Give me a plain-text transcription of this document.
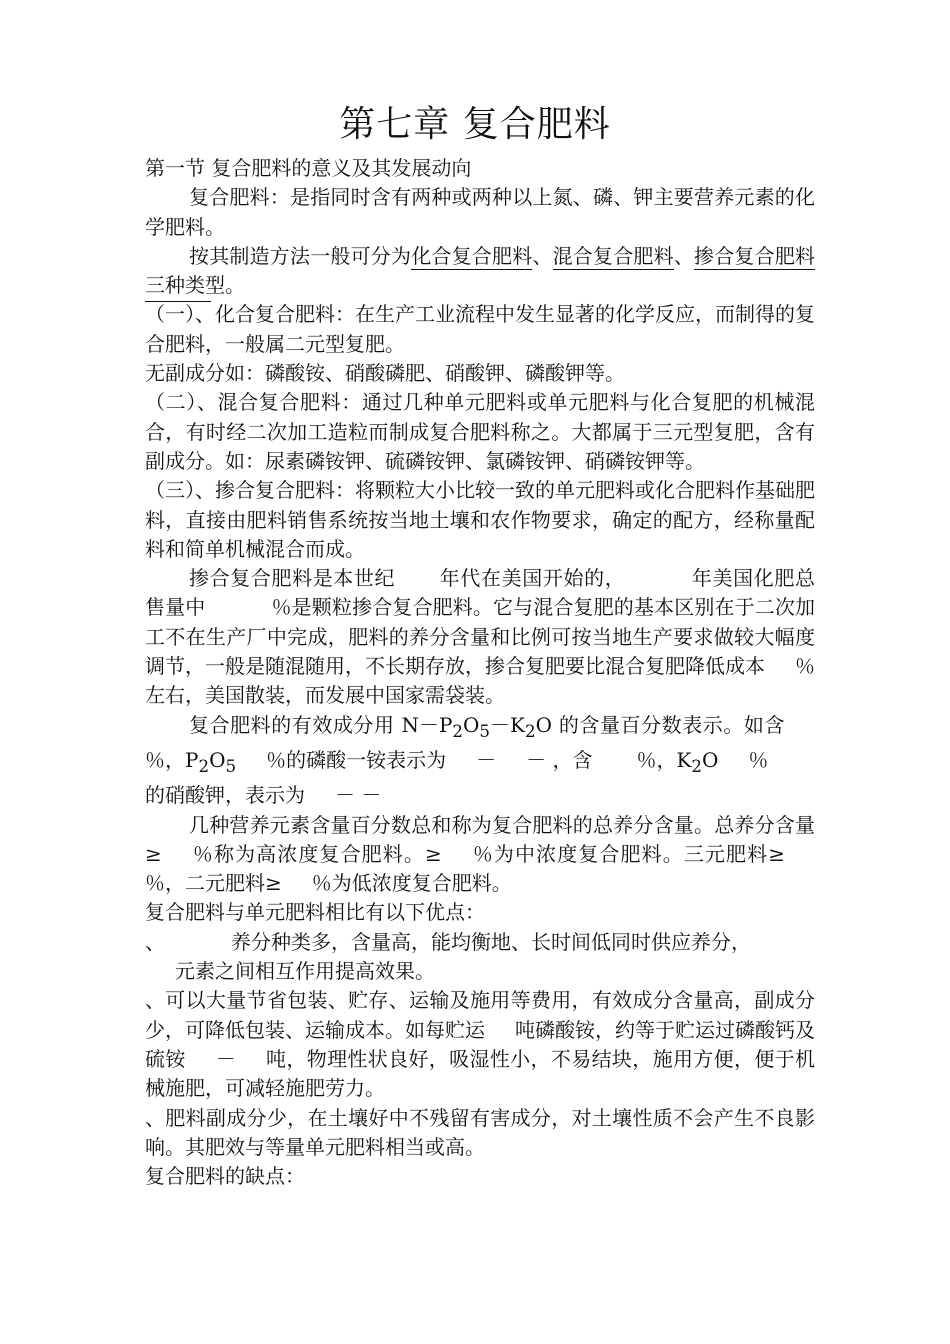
第七章 复合肥料

第一节 复合肥料的意义及其发展动向

复合肥料：是指同时含有两种或两种以上氮、磷、钾主要营养元素的化学肥料。

按其制造方法一般可分为化合复合肥料、混合复合肥料、掺合复合肥料三种类型。

（一）、化合复合肥料：在生产工业流程中发生显著的化学反应，而制得的复合肥料，一般属二元型复肥。

无副成分如：磷酸铵、硝酸磷肥、硝酸钾、磷酸钾等。

（二）、混合复合肥料：通过几种单元肥料或单元肥料与化合复肥的机械混合，有时经二次加工造粒而制成复合肥料称之。大都属于三元型复肥，含有副成分。如：尿素磷铵钾、硫磷铵钾、氯磷铵钾、硝磷铵钾等。

（三）、掺合复合肥料：将颗粒大小比较一致的单元肥料或化合肥料作基础肥料，直接由肥料销售系统按当地土壤和农作物要求，确定的配方，经称量配料和简单机械混合而成。

掺合复合肥料是本世纪 年代在美国开始的，	年美国化肥总售量中	％是颗粒掺合复合肥料。它与混合复肥的基本区别在于二次加工不在生产厂中完成，肥料的养分含量和比例可按当地生产要求做较大幅度调节，一般是随混随用，不长期存放，掺合复肥要比混合复肥降低成本 ％左右，美国散装，而发展中国家需袋装。

复合肥料的有效成分用 $N-P_2O_5-K_2O$ 的含量百分数表示。如含％，$P_2O_5$ ％的磷酸一铵表示为 － － ，含 ％，$K_2O$ ％
的硝酸钾，表示为 － －

几种营养元素含量百分数总和称为复合肥料的总养分含量。总养分含量≥ ％称为高浓度复合肥料。≥ ％为中浓度复合肥料。三元肥料≥％，二元肥料≥ ％为低浓度复合肥料。

复合肥料与单元肥料相比有以下优点：

、	养分种类多，含量高，能均衡地、长时间低同时供应养分，
元素之间相互作用提高效果。

、可以大量节省包装、贮存、运输及施用等费用，有效成分含量高，副成分少，可降低包装、运输成本。如每贮运 吨磷酸铵，约等于贮运过磷酸钙及硫铵 － 吨，物理性状良好，吸湿性小，不易结块，施用方便，便于机械施肥，可减轻施肥劳力。

、肥料副成分少，在土壤好中不残留有害成分，对土壤性质不会产生不良影响。其肥效与等量单元肥料相当或高。

复合肥料的缺点：
